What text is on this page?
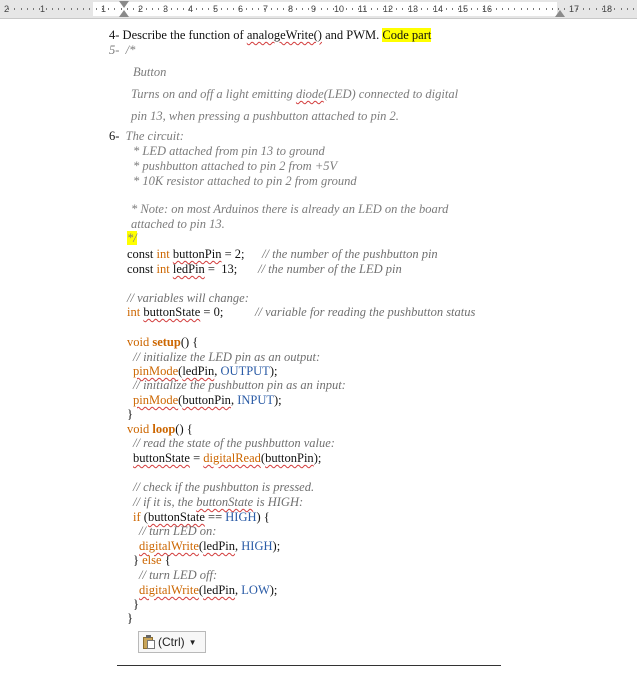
2	1	1	2 3 4 5 6 7 8 9 10 11 12 13 14 15 16	17	18
4- Describe the function of analogeWrite() and PWM. Code part
5- /*
Button
Turns on and off a light emitting diode(LED) connected to digital
pin 13, when pressing a pushbutton attached to pin 2.
6- The circuit:
* LED attached from pin 13 to ground
* pushbutton attached to pin 2 from +5V
* 10K resistor attached to pin 2 from ground
* Note: on most Arduinos there is already an LED on the board
attached to pin 13.
*/
const int buttonPin = 2; // the number of the pushbutton pin
const int ledPin =  13; // the number of the LED pin
// variables will change:
int buttonState = 0;	// variable for reading the pushbutton status
void setup() {
// initialize the LED pin as an output:
pinMode(ledPin, OUTPUT);
// initialize the pushbutton pin as an input:
pinMode(buttonPin, INPUT);
}
void loop() {
// read the state of the pushbutton value:
buttonState = digitalRead(buttonPin);
// check if the pushbutton is pressed.
// if it is, the buttonState is HIGH:
if (buttonState == HIGH) {
// turn LED on:
digitalWrite(ledPin, HIGH);
} else {
// turn LED off:
digitalWrite(ledPin, LOW);
}
}
(Ctrl) ▼
